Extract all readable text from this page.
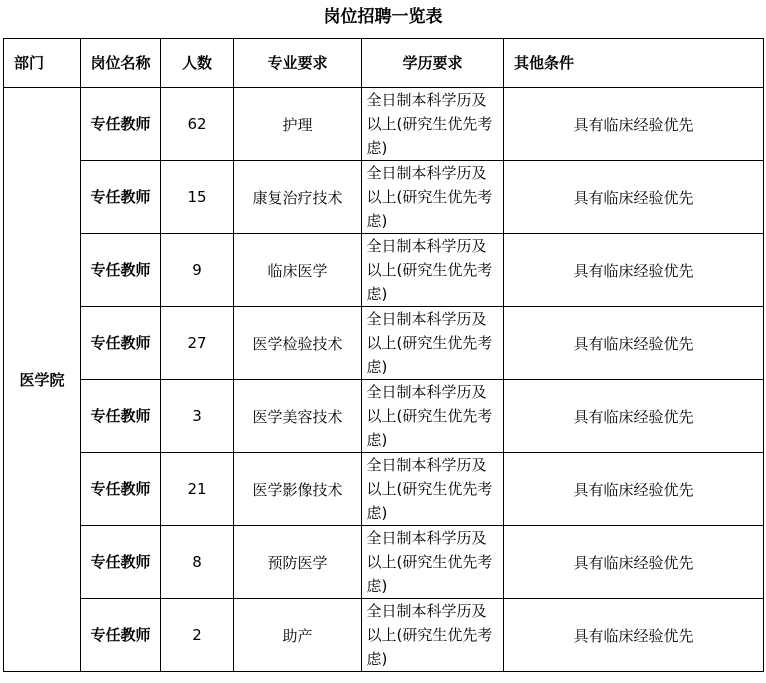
岗位招聘一览表
部门	岗位名称	人数	专业要求	学历要求	其他条件
医学院	专任教师	62	护理	全日制本科学历及以上(研究生优先考虑)	具有临床经验优先

	专任教师	15	康复治疗技术	全日制本科学历及以上(研究生优先考虑)	具有临床经验优先

	专任教师	9	临床医学	全日制本科学历及以上(研究生优先考虑)	具有临床经验优先

	专任教师	27	医学检验技术	全日制本科学历及以上(研究生优先考虑)	具有临床经验优先

	专任教师	3	医学美容技术	全日制本科学历及以上(研究生优先考虑)	具有临床经验优先

	专任教师	21	医学影像技术	全日制本科学历及以上(研究生优先考虑)	具有临床经验优先

	专任教师	8	预防医学	全日制本科学历及以上(研究生优先考虑)	具有临床经验优先

	专任教师	2	助产	全日制本科学历及以上(研究生优先考虑)	具有临床经验优先
